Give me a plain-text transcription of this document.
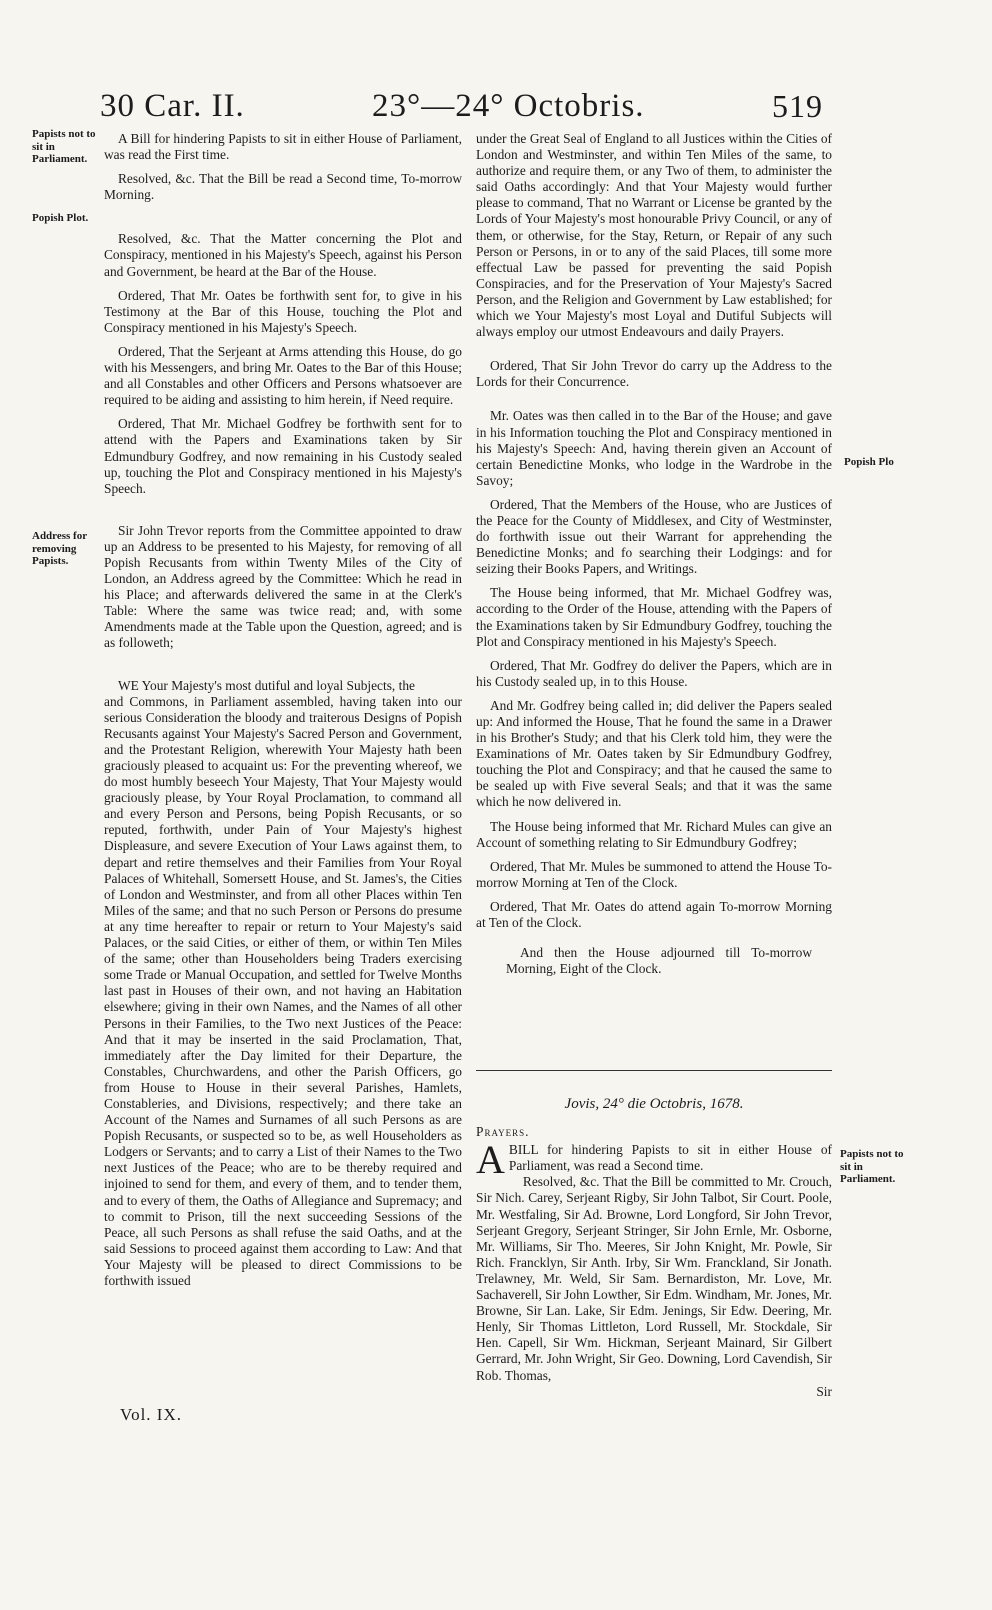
30 Car. II.	23°—24° Octobris.	519
Papists not to sit in Parliament.
Popish Plot.
Address for removing Papists.
Popish Plo
Papists not to sit in Parliament.

A Bill for hindering Papists to sit in either House of Parliament, was read the First time.

Resolved, &c. That the Bill be read a Second time, To-morrow Morning.

Resolved, &c. That the Matter concerning the Plot and Conspiracy, mentioned in his Majesty's Speech, against his Person and Government, be heard at the Bar of the House.

Ordered, That Mr. Oates be forthwith sent for, to give in his Testimony at the Bar of this House, touching the Plot and Conspiracy mentioned in his Majesty's Speech.

Ordered, That the Serjeant at Arms attending this House, do go with his Messengers, and bring Mr. Oates to the Bar of this House; and all Constables and other Officers and Persons whatsoever are required to be aiding and assisting to him herein, if Need require.

Ordered, That Mr. Michael Godfrey be forthwith sent for to attend with the Papers and Examinations taken by Sir Edmundbury Godfrey, and now remaining in his Custody sealed up, touching the Plot and Conspiracy mentioned in his Majesty's Speech.

Sir John Trevor reports from the Committee appointed to draw up an Address to be presented to his Majesty, for removing of all Popish Recusants from within Twenty Miles of the City of London, an Address agreed by the Committee: Which he read in his Place; and afterwards delivered the same in at the Clerk's Table: Where the same was twice read; and, with some Amendments made at the Table upon the Question, agreed; and is as followeth;

WE Your Majesty's most dutiful and loyal Subjects, the

and Commons, in Parliament assembled, having taken into our serious Consideration the bloody and traiterous Designs of Popish Recusants against Your Majesty's Sacred Person and Government, and the Protestant Religion, wherewith Your Majesty hath been graciously pleased to acquaint us: For the preventing whereof, we do most humbly beseech Your Majesty, That Your Majesty would graciously please, by Your Royal Proclamation, to command all and every Person and Persons, being Popish Recusants, or so reputed, forthwith, under Pain of Your Majesty's highest Displeasure, and severe Execution of Your Laws against them, to depart and retire themselves and their Families from Your Royal Palaces of Whitehall, Somersett House, and St. James's, the Cities of London and Westminster, and from all other Places within Ten Miles of the same; and that no such Person or Persons do presume at any time hereafter to repair or return to Your Majesty's said Palaces, or the said Cities, or either of them, or within Ten Miles of the same; other than Householders being Traders exercising some Trade or Manual Occupation, and settled for Twelve Months last past in Houses of their own, and not having an Habitation elsewhere; giving in their own Names, and the Names of all other Persons in their Families, to the Two next Justices of the Peace: And that it may be inserted in the said Proclamation, That, immediately after the Day limited for their Departure, the Constables, Churchwardens, and other the Parish Officers, go from House to House in their several Parishes, Hamlets, Constableries, and Divisions, respectively; and there take an Account of the Names and Surnames of all such Persons as are Popish Recusants, or suspected so to be, as well Householders as Lodgers or Servants; and to carry a List of their Names to the Two next Justices of the Peace; who are to be thereby required and injoined to send for them, and every of them, and to tender them, and to every of them, the Oaths of Allegiance and Supremacy; and to commit to Prison, till the next succeeding Sessions of the Peace, all such Persons as shall refuse the said Oaths, and at the said Sessions to proceed against them according to Law: And that Your Majesty will be pleased to direct Commissions to be forthwith issued

Vol. IX.

under the Great Seal of England to all Justices within the Cities of London and Westminster, and within Ten Miles of the same, to authorize and require them, or any Two of them, to administer the said Oaths accordingly: And that Your Majesty would further please to command, That no Warrant or License be granted by the Lords of Your Majesty's most honourable Privy Council, or any of them, or otherwise, for the Stay, Return, or Repair of any such Person or Persons, in or to any of the said Places, till some more effectual Law be passed for preventing the said Popish Conspiracies, and for the Preservation of Your Majesty's Sacred Person, and the Religion and Government by Law established; for which we Your Majesty's most Loyal and Dutiful Subjects will always employ our utmost Endeavours and daily Prayers.

Ordered, That Sir John Trevor do carry up the Address to the Lords for their Concurrence.

Mr. Oates was then called in to the Bar of the House; and gave in his Information touching the Plot and Conspiracy mentioned in his Majesty's Speech: And, having therein given an Account of certain Benedictine Monks, who lodge in the Wardrobe in the Savoy;

Ordered, That the Members of the House, who are Justices of the Peace for the County of Middlesex, and City of Westminster, do forthwith issue out their Warrant for apprehending the Benedictine Monks; and fo searching their Lodgings: and for seizing their Books Papers, and Writings.

The House being informed, that Mr. Michael Godfrey was, according to the Order of the House, attending with the Papers of the Examinations taken by Sir Edmundbury Godfrey, touching the Plot and Conspiracy mentioned in his Majesty's Speech.

Ordered, That Mr. Godfrey do deliver the Papers, which are in his Custody sealed up, in to this House.

And Mr. Godfrey being called in; did deliver the Papers sealed up: And informed the House, That he found the same in a Drawer in his Brother's Study; and that his Clerk told him, they were the Examinations of Mr. Oates taken by Sir Edmundbury Godfrey, touching the Plot and Conspiracy; and that he caused the same to be sealed up with Five several Seals; and that it was the same which he now delivered in.

The House being informed that Mr. Richard Mules can give an Account of something relating to Sir Edmundbury Godfrey;

Ordered, That Mr. Mules be summoned to attend the House To-morrow Morning at Ten of the Clock.

Ordered, That Mr. Oates do attend again To-morrow Morning at Ten of the Clock.

And then the House adjourned till To-morrow Morning, Eight of the Clock.

Jovis, 24° die Octobris, 1678.

Prayers.

A BILL for hindering Papists to sit in either House of Parliament, was read a Second time.

Resolved, &c. That the Bill be committed to Mr. Crouch, Sir Nich. Carey, Serjeant Rigby, Sir John Talbot, Sir Court. Poole, Mr. Westfaling, Sir Ad. Browne, Lord Longford, Sir John Trevor, Serjeant Gregory, Serjeant Stringer, Sir John Ernle, Mr. Osborne, Mr. Williams, Sir Tho. Meeres, Sir John Knight, Mr. Powle, Sir Rich. Francklyn, Sir Anth. Irby, Sir Wm. Franckland, Sir Jonath. Trelawney, Mr. Weld, Sir Sam. Bernardiston, Mr. Love, Mr. Sachaverell, Sir John Lowther, Sir Edm. Windham, Mr. Jones, Mr. Browne, Sir Lan. Lake, Sir Edm. Jenings, Sir Edw. Deering, Mr. Henly, Sir Thomas Littleton, Lord Russell, Mr. Stockdale, Sir Hen. Capell, Sir Wm. Hickman, Serjeant Mainard, Sir Gilbert Gerrard, Mr. John Wright, Sir Geo. Downing, Lord Cavendish, Sir Rob. Thomas,

Sir
